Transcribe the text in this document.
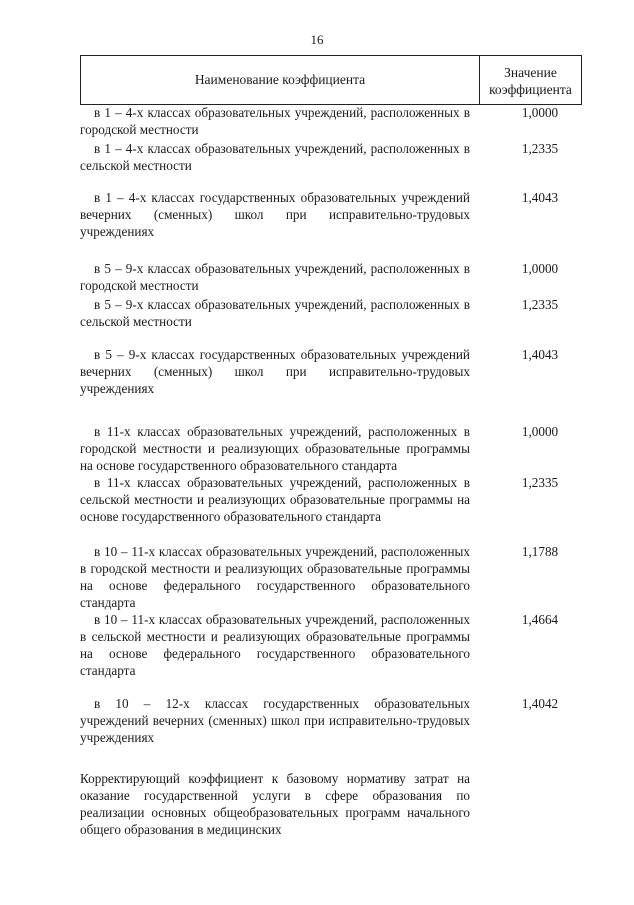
16
Наименование коэффициента	Значение
коэффициента
в 1 – 4-х классах образовательных учреждений, расположенных в городской местности
1,0000
в 1 – 4-х классах образовательных учреждений, расположенных в сельской местности
1,2335
в 1 – 4-х классах государственных образовательных учреждений вечерних (сменных) школ при исправительно-трудовых учреждениях
1,4043
в 5 – 9-х классах образовательных учреждений, расположенных в городской местности
1,0000
в 5 – 9-х классах образовательных учреждений, расположенных в сельской местности
1,2335
в 5 – 9-х классах государственных образовательных учреждений вечерних (сменных) школ при исправительно-трудовых учреждениях
1,4043
в 11-х классах образовательных учреждений, расположенных в городской местности и реализующих образовательные программы на основе государственного образовательного стандарта
1,0000
в 11-х классах образовательных учреждений, расположенных в сельской местности и реализующих образовательные программы на основе государственного образовательного стандарта
1,2335
в 10 – 11-х классах образовательных учреждений, расположенных в городской местности и реализующих образовательные программы на основе федерального государственного образовательного стандарта
1,1788
в 10 – 11-х классах образовательных учреждений, расположенных в сельской местности и реализующих образовательные программы на основе федерального государственного образовательного стандарта
1,4664
в 10 – 12-х классах государственных образовательных учреждений вечерних (сменных) школ при исправительно-трудовых учреждениях
1,4042
Корректирующий коэффициент к базовому нормативу затрат на оказание государственной услуги в сфере образования по реализации основных общеобразовательных программ начального общего образования в медицинских
